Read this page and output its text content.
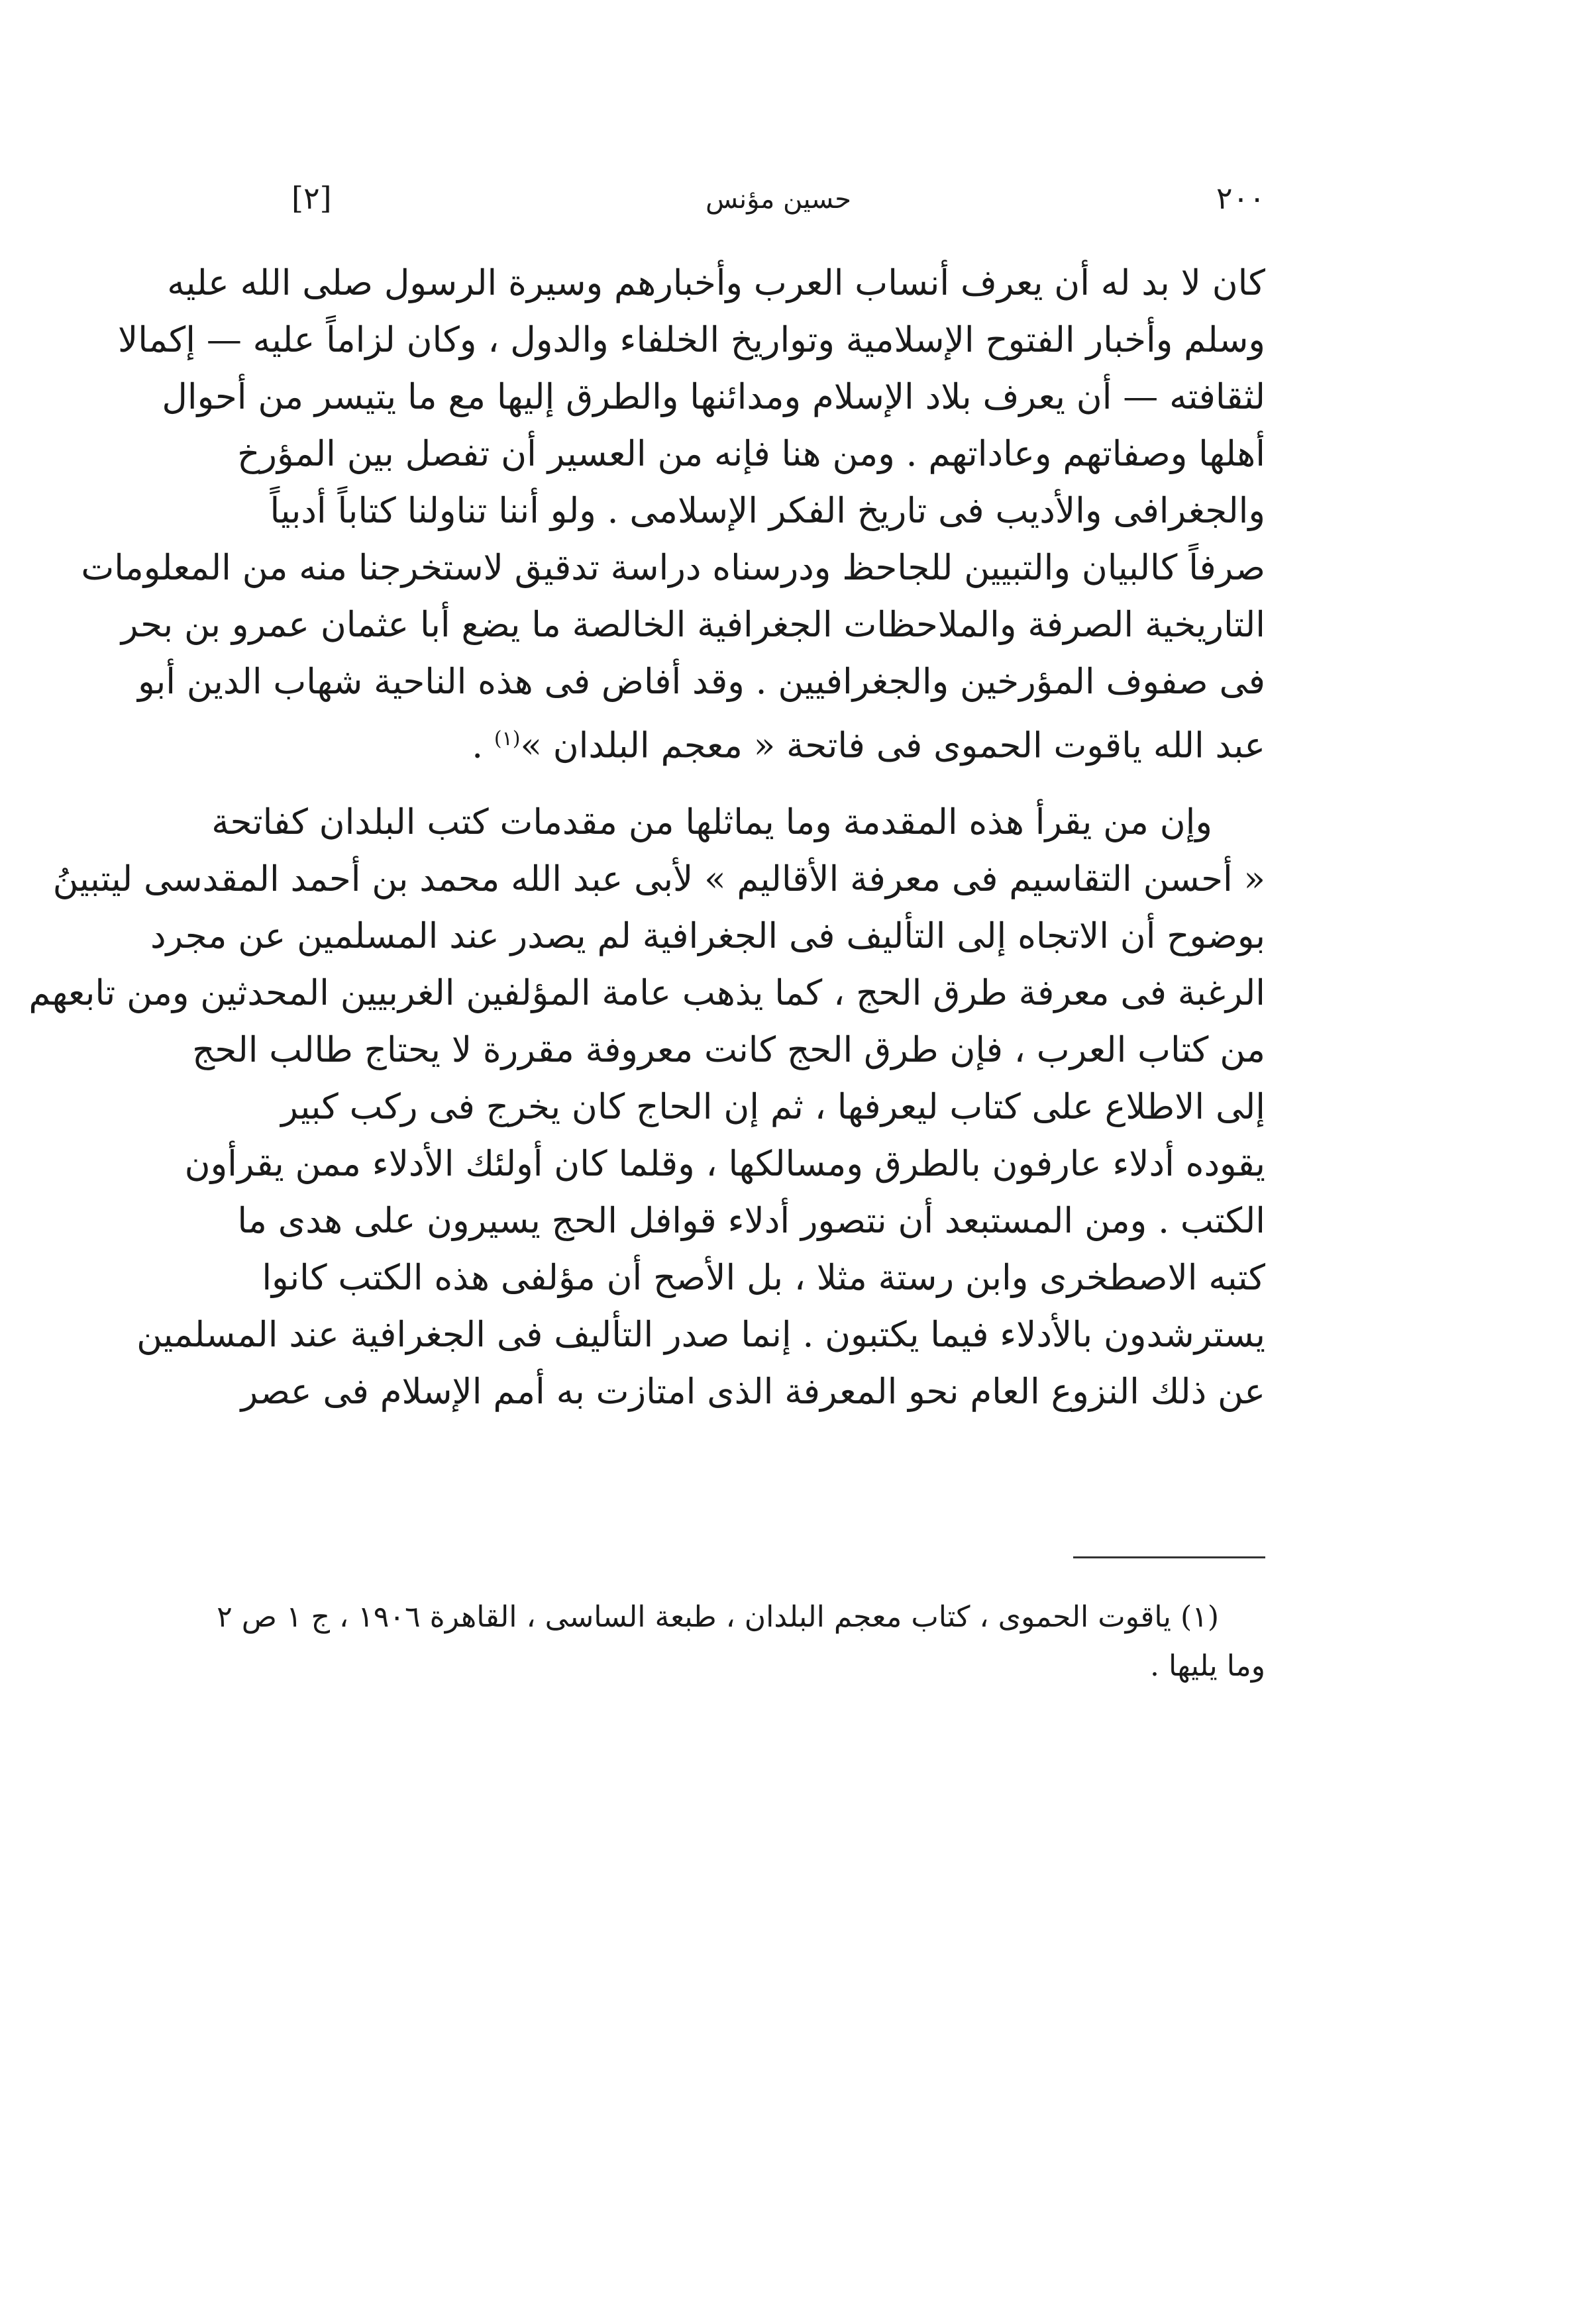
[٢]	حسين مؤنس	٢٠٠
كان لا بد له أن يعرف أنساب العرب وأخبارهم وسيرة الرسول صلى الله عليه
وسلم وأخبار الفتوح الإسلامية وتواريخ الخلفاء والدول ، وكان لزاماً عليه — إكمالا
لثقافته — أن يعرف بلاد الإسلام ومدائنها والطرق إليها مع ما يتيسر من أحوال
أهلها وصفاتهم وعاداتهم . ومن هنا فإنه من العسير أن تفصل بين المؤرخ
والجغرافى والأديب فى تاريخ الفكر الإسلامى . ولو أننا تناولنا كتاباً أدبياً
صرفاً كالبيان والتبيين للجاحظ ودرسناه دراسة تدقيق لاستخرجنا منه من المعلومات
التاريخية الصرفة والملاحظات الجغرافية الخالصة ما يضع أبا عثمان عمرو بن بحر
فى صفوف المؤرخين والجغرافيين . وقد أفاض فى هذه الناحية شهاب الدين أبو
عبد الله ياقوت الحموى فى فاتحة « معجم البلدان »$^{(١)}$ .
وإن من يقرأ هذه المقدمة وما يماثلها من مقدمات كتب البلدان كفاتحة
« أحسن التقاسيم فى معرفة الأقاليم » لأبى عبد الله محمد بن أحمد المقدسى ليتبينُ
بوضوح أن الاتجاه إلى التأليف فى الجغرافية لم يصدر عند المسلمين عن مجرد
الرغبة فى معرفة طرق الحج ، كما يذهب عامة المؤلفين الغربيين المحدثين ومن تابعهم
من كتاب العرب ، فإن طرق الحج كانت معروفة مقررة لا يحتاج طالب الحج
إلى الاطلاع على كتاب ليعرفها ، ثم إن الحاج كان يخرج فى ركب كبير
يقوده أدلاء عارفون بالطرق ومسالكها ، وقلما كان أولئك الأدلاء ممن يقرأون
الكتب . ومن المستبعد أن نتصور أدلاء قوافل الحج يسيرون على هدى ما
كتبه الاصطخرى وابن رستة مثلا ، بل الأصح أن مؤلفى هذه الكتب كانوا
يسترشدون بالأدلاء فيما يكتبون . إنما صدر التأليف فى الجغرافية عند المسلمين
عن ذلك النزوع العام نحو المعرفة الذى امتازت به أمم الإسلام فى عصر
(١) ياقوت الحموى ، كتاب معجم البلدان ، طبعة الساسى ، القاهرة ١٩٠٦ ، ج ١ ص ٢
وما يليها .
